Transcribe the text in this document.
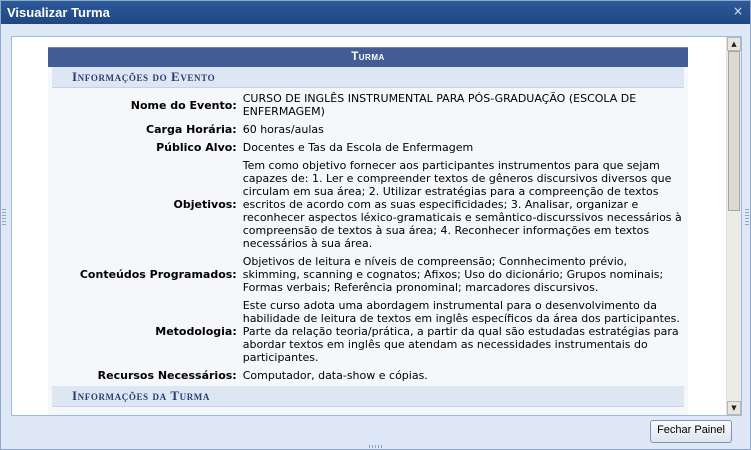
Visualizar Turma	×
Turma
Informações do Evento
Nome do Evento:	CURSO DE INGLÊS INSTRUMENTAL PARA PÓS-GRADUAÇÃO (ESCOLA DE ENFERMAGEM)
Carga Horária:	60 horas/aulas
Público Alvo:	Docentes e Tas da Escola de Enfermagem
Objetivos:	Tem como objetivo fornecer aos participantes instrumentos para que sejam capazes de: 1. Ler e compreender textos de gêneros discursivos diversos que circulam em sua área; 2. Utilizar estratégias para a compreenção de textos escritos de acordo com as suas especificidades; 3. Analisar, organizar e reconhecer aspectos léxico-gramaticais e semântico-discurssivos necessários à compreensão de textos à sua área; 4. Reconhecer informações em textos necessários à sua área.
Conteúdos Programados:	Objetivos de leitura e níveis de compreensão; Connhecimento prévio, skimming, scanning e cognatos; Afixos; Uso do dicionário; Grupos nominais; Formas verbais; Referência pronominal; marcadores discursivos.
Metodologia:	Este curso adota uma abordagem instrumental para o desenvolvimento da habilidade de leitura de textos em inglês específicos da área dos participantes. Parte da relação teoria/prática, a partir da qual são estudadas estratégias para abordar textos em inglês que atendam as necessidades instrumentais do participantes.
Recursos Necessários:	Computador, data-show e cópias.
Informações da Turma
▲
▼
Fechar Painel
